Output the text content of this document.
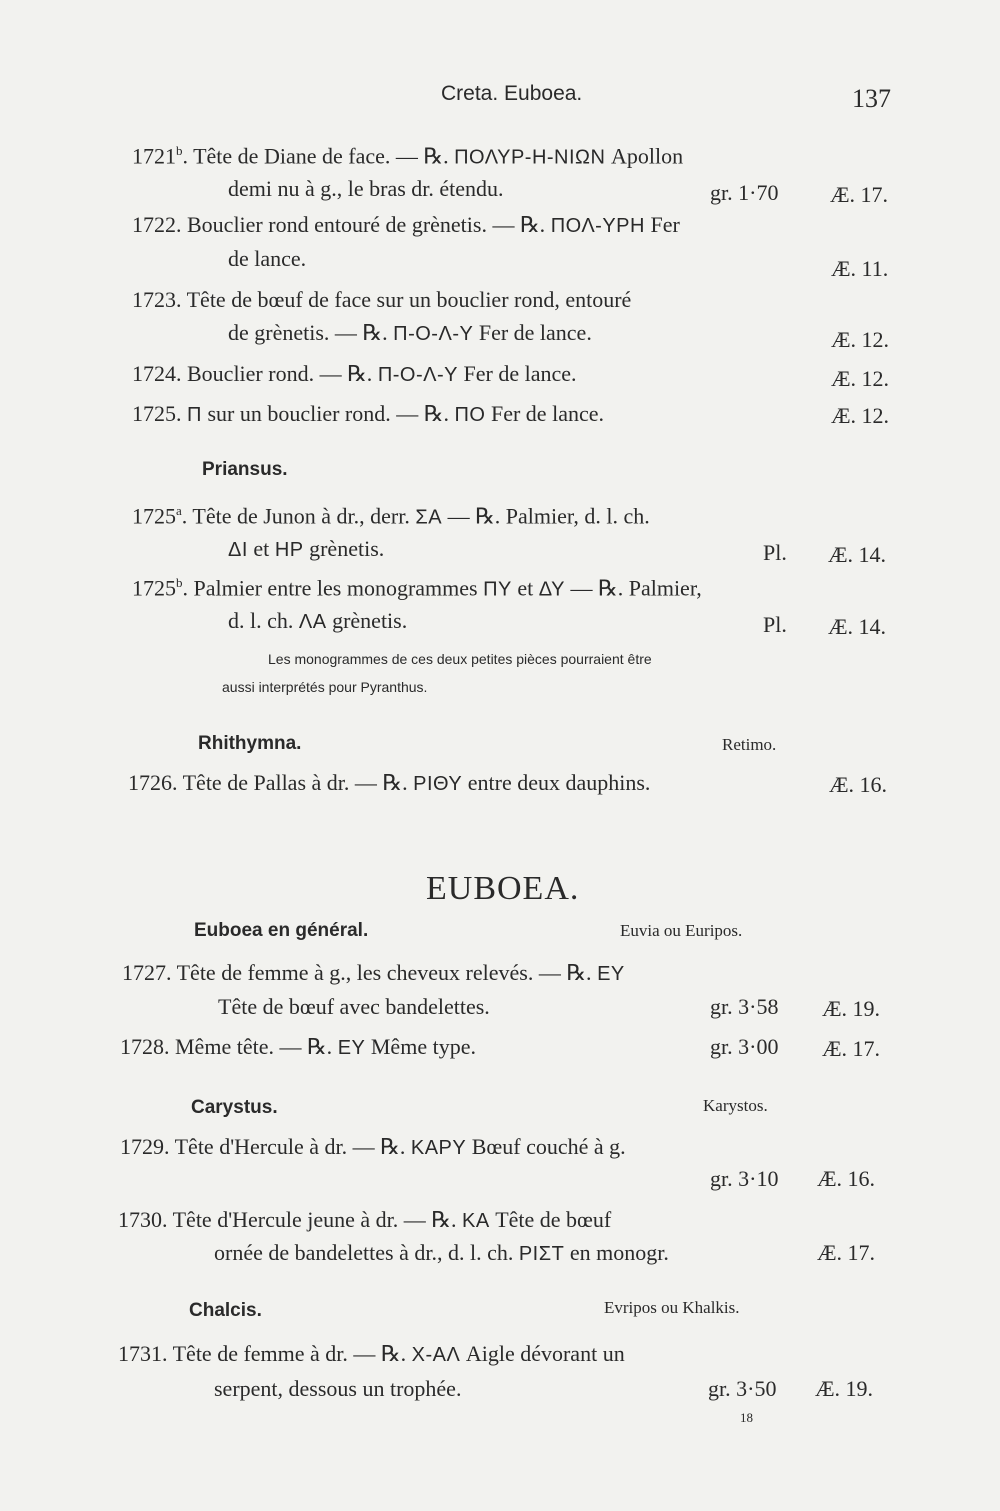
Creta. Euboea.	137
1721$^b$. Tête de Diane de face. — ℞. ΠΟΛΥΡ-Η-ΝΙΩΝ Apollon
demi nu à g., le bras dr. étendu.	gr. 1·70 Æ. 17.
1722. Bouclier rond entouré de grènetis. — ℞. ΠΟΛ-ΥΡΗ Fer
de lance.	Æ. 11.
1723. Tête de bœuf de face sur un bouclier rond, entouré
de grènetis. — ℞. Π-Ο-Λ-Υ Fer de lance.	Æ. 12.
1724. Bouclier rond. — ℞. Π-Ο-Λ-Υ Fer de lance.	Æ. 12.
1725. Π sur un bouclier rond. — ℞. ΠΟ Fer de lance.	Æ. 12.
Priansus.
1725$^a$. Tête de Junon à dr., derr. ΣΑ — ℞. Palmier, d. l. ch.
ΔΙ et ΗΡ grènetis.	Pl. Æ. 14.
1725$^b$. Palmier entre les monogrammes ΠΥ et ΔΥ — ℞. Palmier,
d. l. ch. ΛΑ grènetis.	Pl. Æ. 14.
Les monogrammes de ces deux petites pièces pourraient être
aussi interprétés pour Pyranthus.
Rhithymna.	Retimo.
1726. Tête de Pallas à dr. — ℞. ΡΙΘΥ entre deux dauphins.	Æ. 16.
EUBOEA.
Euboea en général.	Euvia ou Euripos.
1727. Tête de femme à g., les cheveux relevés. — ℞. ΕΥ
Tête de bœuf avec bandelettes.	gr. 3·58 Æ. 19.
1728. Même tête. — ℞. ΕΥ Même type.	gr. 3·00 Æ. 17.
Carystus.	Karystos.
1729. Tête d'Hercule à dr. — ℞. ΚΑΡΥ Bœuf couché à g.
gr. 3·10 Æ. 16.
1730. Tête d'Hercule jeune à dr. — ℞. ΚΑ Tête de bœuf
ornée de bandelettes à dr., d. l. ch. ΡΙΣΤ en monogr.	Æ. 17.
Chalcis.	Evripos ou Khalkis.
1731. Tête de femme à dr. — ℞. Χ-ΑΛ Aigle dévorant un
serpent, dessous un trophée.	gr. 3·50 Æ. 19.
18
